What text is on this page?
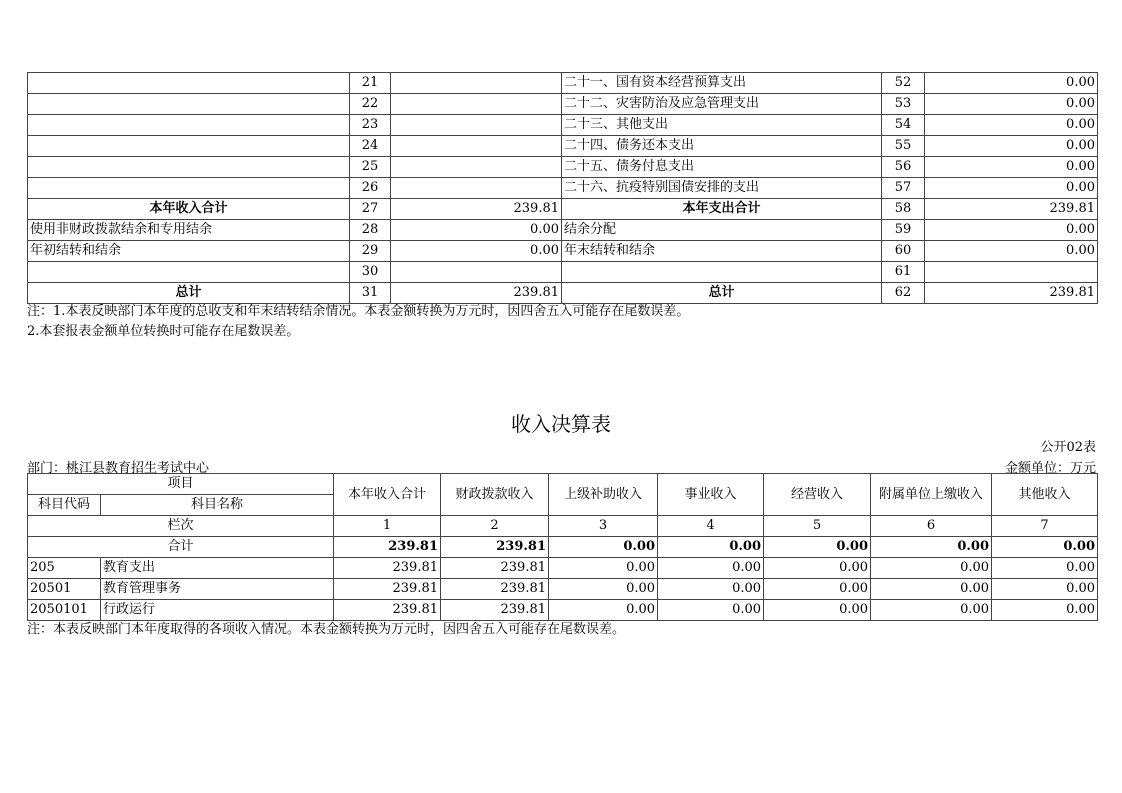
	21		二十一、国有资本经营预算支出	52	0.00
	22		二十二、灾害防治及应急管理支出	53	0.00
	23		二十三、其他支出	54	0.00
	24		二十四、债务还本支出	55	0.00
	25		二十五、债务付息支出	56	0.00
	26		二十六、抗疫特别国债安排的支出	57	0.00
本年收入合计	27	239.81	本年支出合计	58	239.81
使用非财政拨款结余和专用结余	28	0.00	结余分配	59	0.00
年初结转和结余	29	0.00	年末结转和结余	60	0.00
	30			61	
总计	31	239.81	总计	62	239.81
注：1.本表反映部门本年度的总收支和年末结转结余情况。本表金额转换为万元时，因四舍五入可能存在尾数误差。
2.本套报表金额单位转换时可能存在尾数误差。
收入决算表
公开02表
部门：桃江县教育招生考试中心	金额单位：万元
项目		本年收入合计	财政拨款收入	上级补助收入	事业收入	经营收入	附属单位上缴收入	其他收入
科目代码	科目名称							
栏次		1	2	3	4	5	6	7
合计		239.81	239.81	0.00	0.00	0.00	0.00	0.00
205	教育支出	239.81	239.81	0.00	0.00	0.00	0.00	0.00
20501	教育管理事务	239.81	239.81	0.00	0.00	0.00	0.00	0.00
2050101	行政运行	239.81	239.81	0.00	0.00	0.00	0.00	0.00
注：本表反映部门本年度取得的各项收入情况。本表金额转换为万元时，因四舍五入可能存在尾数误差。
